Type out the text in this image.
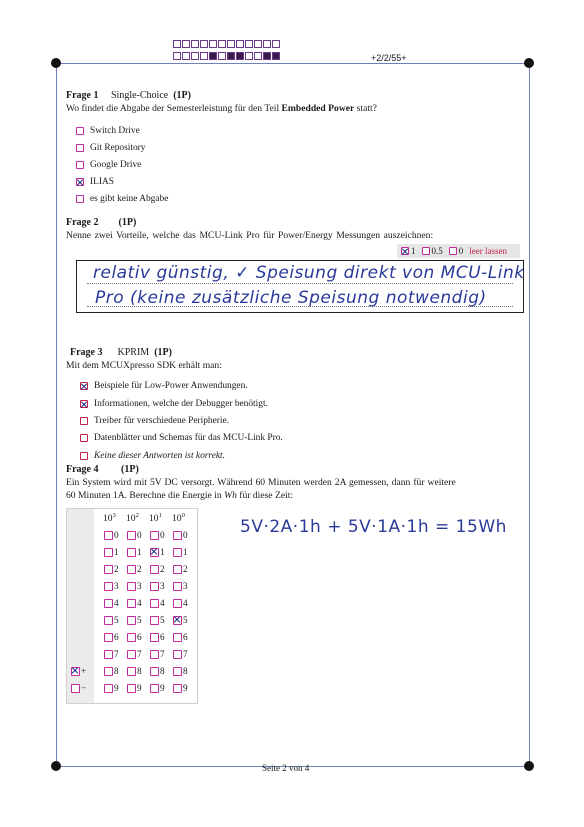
+2/2/55+
Frage 1 Single-Choice (1P)
Wo findet die Abgabe der Semesterleistung für den Teil Embedded Power statt?
Switch Drive
Git Repository
Google Drive
ILIAS
es gibt keine Abgabe
Frage 2 (1P)
Nenne zwei Vorteile, welche das MCU-Link Pro für Power/Energy Messungen auszeichnen:
1 0.5 0 leer lassen
relativ günstig, ✓ Speisung direkt von MCU-Link
Pro (keine zusätzliche Speisung notwendig)
Frage 3 KPRIM (1P)
Mit dem MCUXpresso SDK erhält man:
Beispiele für Low-Power Anwendungen.
Informationen, welche der Debugger benötigt.
Treiber für verschiedene Peripherie.
Datenblätter und Schemas für das MCU-Link Pro.
Keine dieser Antworten ist korrekt.
Frage 4 (1P)
Ein System wird mit 5V DC versorgt. Während 60 Minuten werden 2A gemessen, dann für weitere
60 Minuten 1A. Berechne die Energie in Wh für diese Zeit:
5V·2A·1h + 5V·1A·1h = 15Wh
$10^3$ $10^2$ $10^1$ $10^0$
0 0 0 0
1 1 1 1
2 2 2 2
3 3 3 3
4 4 4 4
5 5 5 5
6 6 6 6
7 7 7 7
8 8 8 8
9 9 9 9
+
−
Seite 2 von 4
